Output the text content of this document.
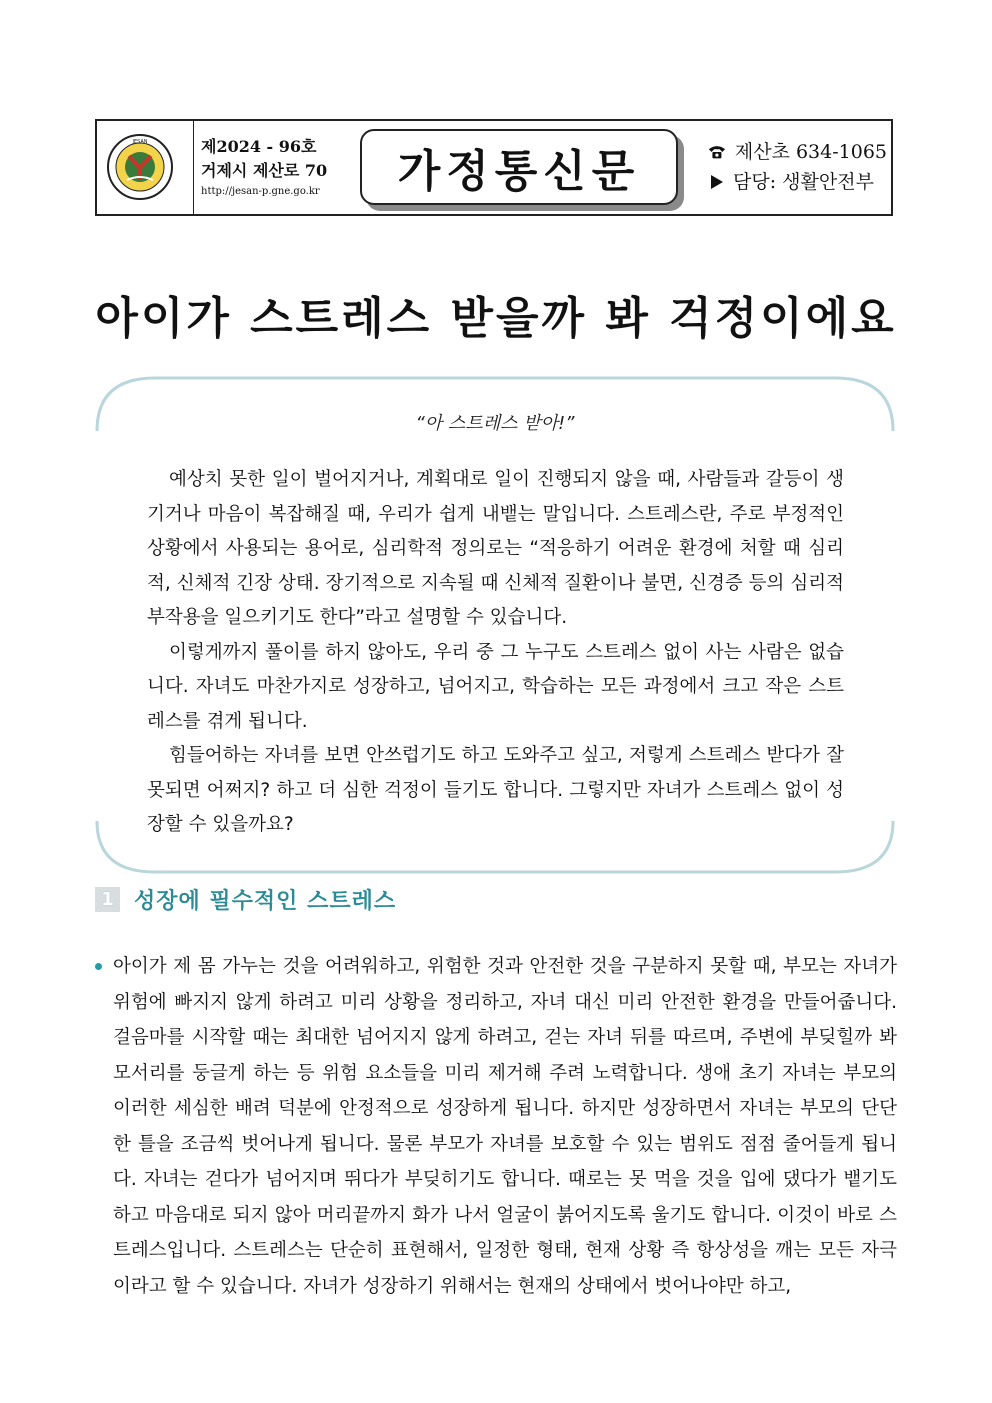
JESAN	제2024 - 96호
거제시 제산로 70
http://jesan-p.gne.go.kr	가정통신문	제산초 634-1065
담당: 생활안전부
아이가 스트레스 받을까 봐 걱정이에요
“아 스트레스 받아!”

예상치 못한 일이 벌어지거나, 계획대로 일이 진행되지 않을 때, 사람들과 갈등이 생기거나 마음이 복잡해질 때, 우리가 쉽게 내뱉는 말입니다. 스트레스란, 주로 부정적인 상황에서 사용되는 용어로, 심리학적 정의로는 “적응하기 어려운 환경에 처할 때 심리적, 신체적 긴장 상태. 장기적으로 지속될 때 신체적 질환이나 불면, 신경증 등의 심리적 부작용을 일으키기도 한다”라고 설명할 수 있습니다.

이렇게까지 풀이를 하지 않아도, 우리 중 그 누구도 스트레스 없이 사는 사람은 없습니다. 자녀도 마찬가지로 성장하고, 넘어지고, 학습하는 모든 과정에서 크고 작은 스트레스를 겪게 됩니다.

힘들어하는 자녀를 보면 안쓰럽기도 하고 도와주고 싶고, 저렇게 스트레스 받다가 잘못되면 어쩌지? 하고 더 심한 걱정이 들기도 합니다. 그렇지만 자녀가 스트레스 없이 성장할 수 있을까요?

1 성장에 필수적인 스트레스
아이가 제 몸 가누는 것을 어려워하고, 위험한 것과 안전한 것을 구분하지 못할 때, 부모는 자녀가 위험에 빠지지 않게 하려고 미리 상황을 정리하고, 자녀 대신 미리 안전한 환경을 만들어줍니다. 걸음마를 시작할 때는 최대한 넘어지지 않게 하려고, 걷는 자녀 뒤를 따르며, 주변에 부딪힐까 봐 모서리를 둥글게 하는 등 위험 요소들을 미리 제거해 주려 노력합니다. 생애 초기 자녀는 부모의 이러한 세심한 배려 덕분에 안정적으로 성장하게 됩니다. 하지만 성장하면서 자녀는 부모의 단단한 틀을 조금씩 벗어나게 됩니다. 물론 부모가 자녀를 보호할 수 있는 범위도 점점 줄어들게 됩니다. 자녀는 걷다가 넘어지며 뛰다가 부딪히기도 합니다. 때로는 못 먹을 것을 입에 댔다가 뱉기도 하고 마음대로 되지 않아 머리끝까지 화가 나서 얼굴이 붉어지도록 울기도 합니다. 이것이 바로 스트레스입니다. 스트레스는 단순히 표현해서, 일정한 형태, 현재 상황 즉 항상성을 깨는 모든 자극이라고 할 수 있습니다. 자녀가 성장하기 위해서는 현재의 상태에서 벗어나야만 하고,
